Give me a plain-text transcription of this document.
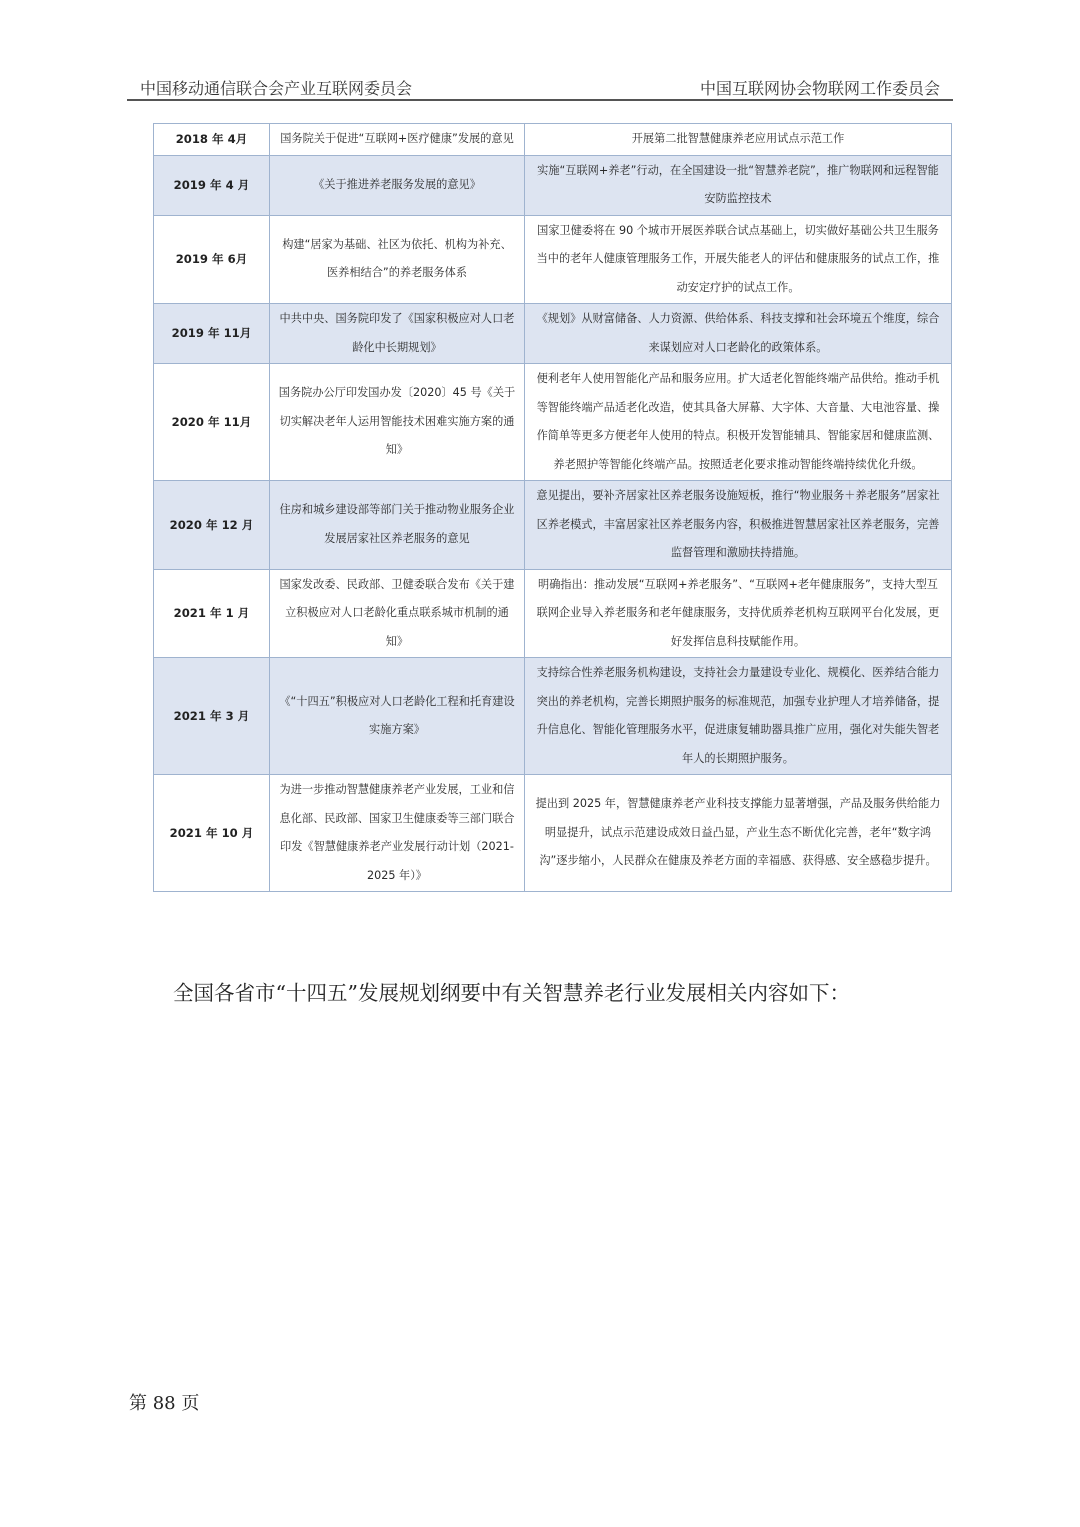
中国移动通信联合会产业互联网委员会	中国互联网协会物联网工作委员会
2018 年 4月	国务院关于促进“互联网+医疗健康”发展的意见	开展第二批智慧健康养老应用试点示范工作
2019 年 4 月	《关于推进养老服务发展的意见》	实施“互联网+养老”行动，在全国建设一批“智慧养老院”，推广物联网和远程智能安防监控技术
2019 年 6月	构建“居家为基础、社区为依托、机构为补充、医养相结合”的养老服务体系	国家卫健委将在 90 个城市开展医养联合试点基础上，切实做好基础公共卫生服务当中的老年人健康管理服务工作，开展失能老人的评估和健康服务的试点工作，推动安定疗护的试点工作。
2019 年 11月	中共中央、国务院印发了《国家积极应对人口老龄化中长期规划》	《规划》从财富储备、人力资源、供给体系、科技支撑和社会环境五个维度，综合来谋划应对人口老龄化的政策体系。
2020 年 11月	国务院办公厅印发国办发〔2020〕45 号《关于切实解决老年人运用智能技术困难实施方案的通知》	便利老年人使用智能化产品和服务应用。扩大适老化智能终端产品供给。推动手机等智能终端产品适老化改造，使其具备大屏幕、大字体、大音量、大电池容量、操作简单等更多方便老年人使用的特点。积极开发智能辅具、智能家居和健康监测、养老照护等智能化终端产品。按照适老化要求推动智能终端持续优化升级。
2020 年 12 月	住房和城乡建设部等部门关于推动物业服务企业发展居家社区养老服务的意见	意见提出，要补齐居家社区养老服务设施短板，推行“物业服务＋养老服务”居家社区养老模式，丰富居家社区养老服务内容，积极推进智慧居家社区养老服务，完善监督管理和激励扶持措施。
2021 年 1 月	国家发改委、民政部、卫健委联合发布《关于建立积极应对人口老龄化重点联系城市机制的通知》	明确指出：推动发展“互联网+养老服务”、“互联网+老年健康服务”，支持大型互联网企业导入养老服务和老年健康服务，支持优质养老机构互联网平台化发展，更好发挥信息科技赋能作用。
2021 年 3 月	《“十四五”积极应对人口老龄化工程和托育建设实施方案》	支持综合性养老服务机构建设，支持社会力量建设专业化、规模化、医养结合能力突出的养老机构，完善长期照护服务的标准规范，加强专业护理人才培养储备，提升信息化、智能化管理服务水平，促进康复辅助器具推广应用，强化对失能失智老年人的长期照护服务。
2021 年 10 月	为进一步推动智慧健康养老产业发展，工业和信息化部、民政部、国家卫生健康委等三部门联合印发《智慧健康养老产业发展行动计划（2021-2025 年）》	提出到 2025 年，智慧健康养老产业科技支撑能力显著增强，产品及服务供给能力明显提升，试点示范建设成效日益凸显，产业生态不断优化完善，老年“数字鸿沟”逐步缩小，人民群众在健康及养老方面的幸福感、获得感、安全感稳步提升。
全国各省市“十四五”发展规划纲要中有关智慧养老行业发展相关内容如下：
第 88 页
